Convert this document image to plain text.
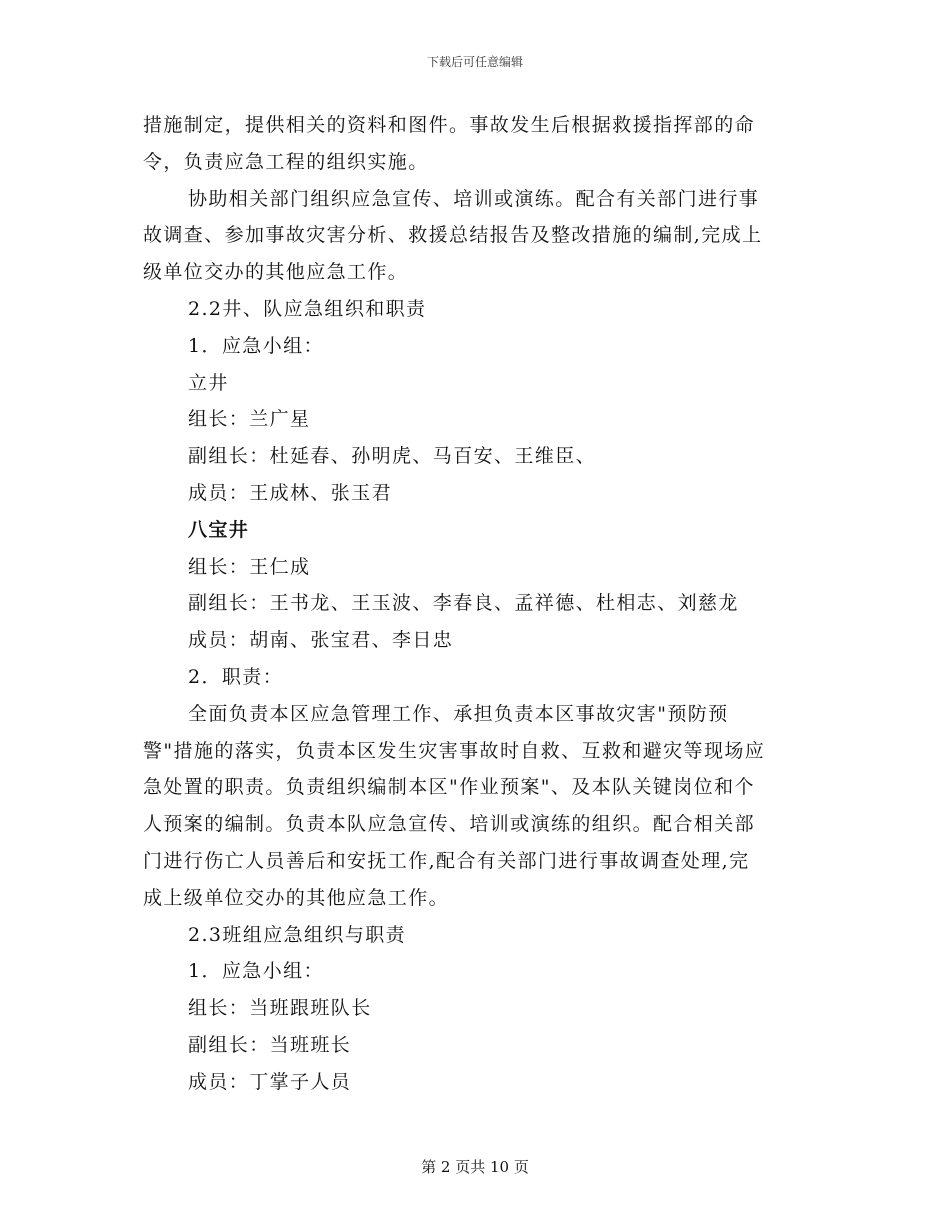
下载后可任意编辑
措施制定，提供相关的资料和图件。事故发生后根据救援指挥部的命
令，负责应急工程的组织实施。
协助相关部门组织应急宣传、培训或演练。配合有关部门进行事
故调查、参加事故灾害分析、救援总结报告及整改措施的编制,完成上
级单位交办的其他应急工作。
2.2井、队应急组织和职责
1．应急小组：
立井
组长：兰广星
副组长：杜延春、孙明虎、马百安、王维臣、
成员：王成林、张玉君
八宝井
组长：王仁成
副组长：王书龙、王玉波、李春良、孟祥德、杜相志、刘慈龙
成员：胡南、张宝君、李日忠
2．职责：
全面负责本区应急管理工作、承担负责本区事故灾害"预防预
警"措施的落实，负责本区发生灾害事故时自救、互救和避灾等现场应
急处置的职责。负责组织编制本区"作业预案"、及本队关键岗位和个
人预案的编制。负责本队应急宣传、培训或演练的组织。配合相关部
门进行伤亡人员善后和安抚工作,配合有关部门进行事故调查处理,完
成上级单位交办的其他应急工作。
2.3班组应急组织与职责
1．应急小组：
组长：当班跟班队长
副组长：当班班长
成员：丁掌子人员
第 2 页共 10 页
